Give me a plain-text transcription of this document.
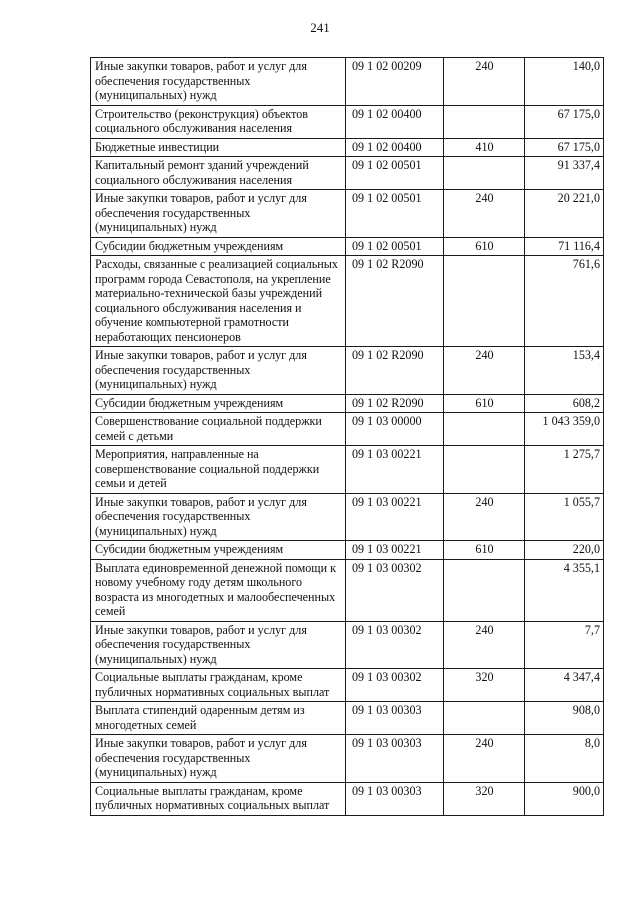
241
Иные закупки товаров, работ и услуг для обеспечения государственных (муниципальных) нужд	09 1 02 00209	240	140,0
Строительство (реконструкция) объектов социального обслуживания населения	09 1 02 00400		67 175,0
Бюджетные инвестиции	09 1 02 00400	410	67 175,0
Капитальный ремонт зданий учреждений социального обслуживания населения	09 1 02 00501		91 337,4
Иные закупки товаров, работ и услуг для обеспечения государственных (муниципальных) нужд	09 1 02 00501	240	20 221,0
Субсидии бюджетным учреждениям	09 1 02 00501	610	71 116,4
Расходы, связанные с реализацией социальных программ города Севастополя, на укрепление материально-технической базы учреждений социального обслуживания населения и обучение компьютерной грамотности неработающих пенсионеров	09 1 02 R2090		761,6
Иные закупки товаров, работ и услуг для обеспечения государственных (муниципальных) нужд	09 1 02 R2090	240	153,4
Субсидии бюджетным учреждениям	09 1 02 R2090	610	608,2
Совершенствование социальной поддержки семей с детьми	09 1 03 00000		1 043 359,0
Мероприятия, направленные на совершенствование социальной поддержки семьи и детей	09 1 03 00221		1 275,7
Иные закупки товаров, работ и услуг для обеспечения государственных (муниципальных) нужд	09 1 03 00221	240	1 055,7
Субсидии бюджетным учреждениям	09 1 03 00221	610	220,0
Выплата единовременной денежной помощи к новому учебному году детям школьного возраста из многодетных и малообеспеченных семей	09 1 03 00302		4 355,1
Иные закупки товаров, работ и услуг для обеспечения государственных (муниципальных) нужд	09 1 03 00302	240	7,7
Социальные выплаты гражданам, кроме публичных нормативных социальных выплат	09 1 03 00302	320	4 347,4
Выплата стипендий одаренным детям из многодетных семей	09 1 03 00303		908,0
Иные закупки товаров, работ и услуг для обеспечения государственных (муниципальных) нужд	09 1 03 00303	240	8,0
Социальные выплаты гражданам, кроме публичных нормативных социальных выплат	09 1 03 00303	320	900,0
